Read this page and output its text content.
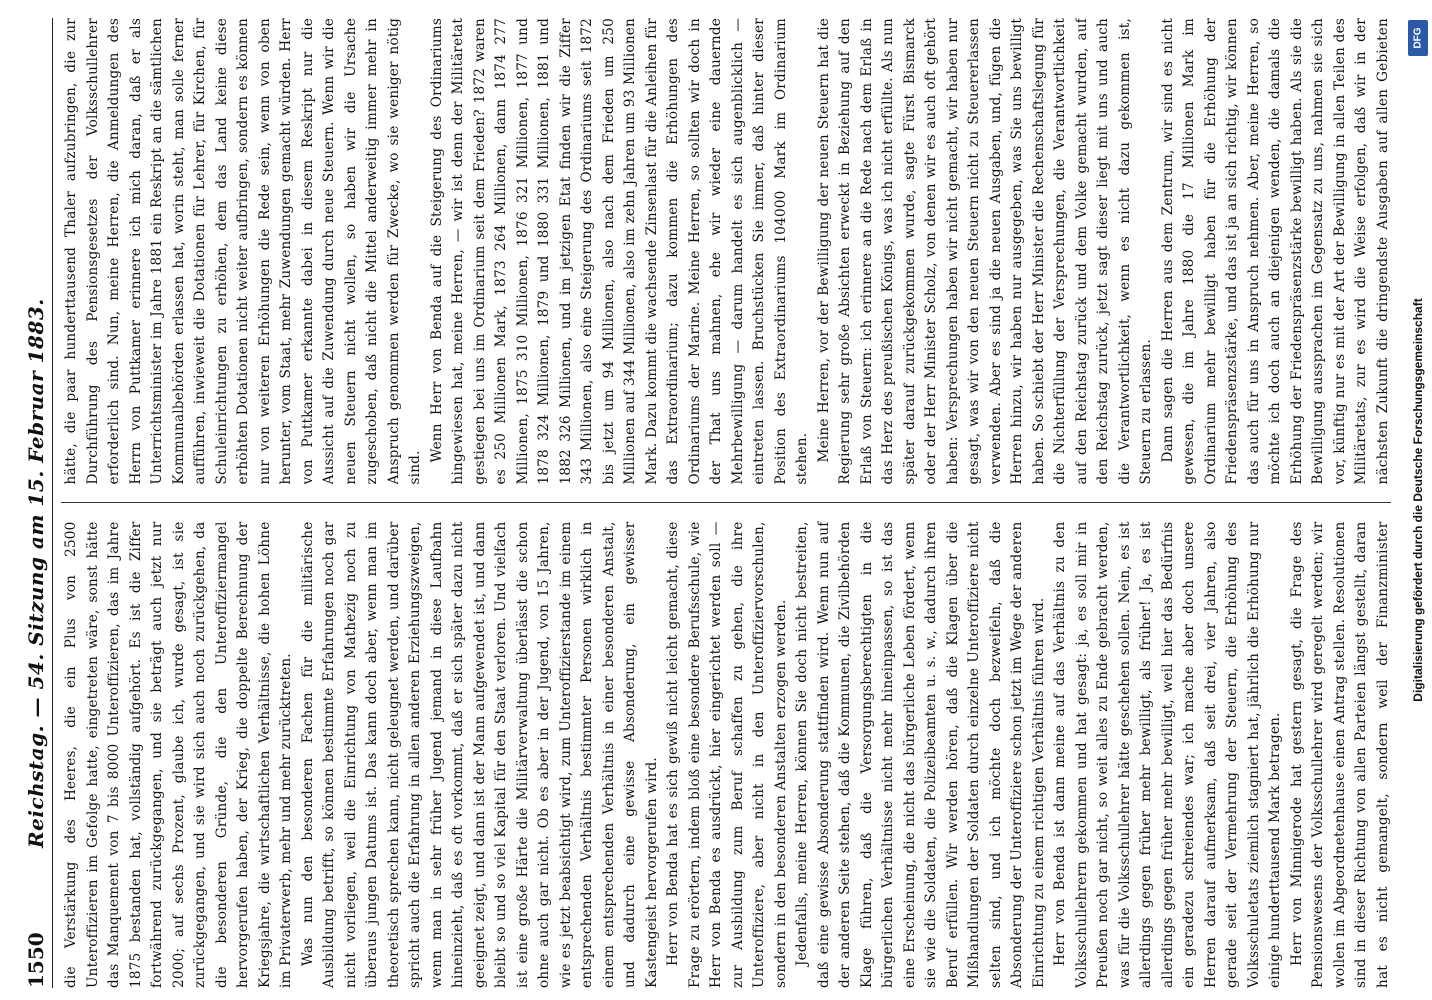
1550
Reichstag. — 54. Sitzung am 15. Februar 1883. die Verstärkung des Heeres, die ein Plus von 2500 Unteroffizieren im Gefolge hatte, eingetreten wäre, sonst hätte das Manquement von 7 bis 8000 Unteroffizieren, das im Jahre 1875 bestanden hat, vollständig aufgehört. Es ist die Ziffer fortwährend zurückgegangen, und sie beträgt auch jetzt nur 2000; auf sechs Prozent, glaube ich, wurde gesagt, ist sie zurückgegangen, und sie wird sich auch noch zurückgehen, da die besonderen Gründe, die den Unteroffiziermangel hervorgerufen haben, der Krieg, die doppelte Berechnung der Kriegsjahre, die wirtschaftlichen Verhältnisse, die hohen Löhne im Privaterwerb, mehr und mehr zurücktreten. Was nun den besonderen Fachen für die militärische Ausbildung betrifft, so können bestimmte Erfahrungen noch gar nicht vorliegen, weil die Einrichtung von Mathezig noch zu überaus jungen Datums ist. Das kann doch aber, wenn man im theoretisch sprechen kann, nicht geleugnet werden, und darüber spricht auch die Erfahrung in allen anderen Erziehungszweigen, wenn man in sehr früher Jugend jemand in diese Laufbahn hineinzieht, daß es oft vorkommt, daß er sich später dazu nicht geeignet zeigt, und dann ist der Mann aufgewendet ist, und dann bleibt so und so viel Kapital für den Staat verloren. Und vielfach ist eine große Härte die Militärverwaltung überlässt die schon ohne auch gar nicht. Ob es aber in der Jugend, von 15 Jahren, wie es jetzt beabsichtigt wird, zum Unteroffizierstande im einem entsprechenden Verhältnis bestimmter Personen wirklich in einem entsprechenden Verhältnis in einer besonderen Anstalt, und dadurch eine gewisse Absonderung, ein gewisser Kastengeist hervorgerufen wird. Herr von Benda hat es sich gewiß nicht leicht gemacht, diese Frage zu erörtern, indem bloß eine besondere Berufsschule, wie Herr von Benda es ausdrückt, hier eingerichtet werden soll — zur Ausbildung zum Beruf schaffen zu gehen, die ihre Unteroffiziere, aber nicht in den Unteroffiziervorschulen, sondern in den besonderen Anstalten erzogen werden. Jedenfalls, meine Herren, können Sie doch nicht bestreiten, daß eine gewisse Absonderung stattfinden wird. Wenn nun auf der anderen Seite stehen, daß die Kommunen, die Zivilbehörden Klage führen, daß die Versorgungsberechtigten in die bürgerlichen Verhältnisse nicht mehr hineinpassen, so ist das eine Erscheinung, die nicht das bürgerliche Leben fördert, wenn sie wie die Soldaten, die Polizeibeamten u. s. w., dadurch ihren Beruf erfüllen. Wir werden hören, daß die Klagen über die Mißhandlungen der Soldaten durch einzelne Unteroffiziere nicht selten sind, und ich möchte doch bezweifeln, daß die Absonderung der Unteroffiziere schon jetzt im Wege der anderen Einrichtung zu einem richtigen Verhältnis führen wird. Herr von Benda ist dann meine auf das Verhältnis zu den Volksschullehrern gekommen und hat gesagt: ja, es soll mir in Preußen noch gar nicht, so weit alles zu Ende gebracht werden, was für die Volksschullehrer hätte geschehen sollen. Nein, es ist allerdings gegen früher mehr bewilligt, als früher! Ja, es ist allerdings gegen früher mehr bewilligt, weil hier das Bedürfnis ein geradezu schreiendes war; ich mache aber doch unsere Herren darauf aufmerksam, daß seit drei, vier Jahren, also gerade seit der Vermehrung der Steuern, die Erhöhung des Volksschuletats ziemlich stagniert hat, jährlich die Erhöhung nur einige hunderttausend Mark betragen. Herr von Minnigerode hat gestern gesagt, die Frage des Pensionswesens der Volksschullehrer wird geregelt werden; wir wollen im Abgeordnetenhause einen Antrag stellen. Resolutionen sind in dieser Richtung von allen Parteien längst gestellt, daran hat es nicht gemangelt, sondern weil der Finanzminister

hätte, die paar hunderttausend Thaler aufzubringen, die zur Durchführung des Pensionsgesetzes der Volksschullehrer erforderlich sind. Nun, meine Herren, die Anmeldungen des Herrn von Puttkamer erinnere ich mich daran, daß er als Unterrichtsminister im Jahre 1881 ein Reskript an die sämtlichen Kommunalbehörden erlassen hat, worin steht, man solle ferner aufführen, inwieweit die Dotationen für Lehrer, für Kirchen, für Schuleinrichtungen zu erhöhen, dem das Land keine diese erhöhten Dotationen nicht weiter aufbringen, sondern es können nur von weiteren Erhöhungen die Rede sein, wenn von oben herunter, vom Staat, mehr Zuwendungen gemacht würden. Herr von Puttkamer erkannte dabei in diesem Reskript nur die Aussicht auf die Zuwendung durch neue Steuern. Wenn wir die neuen Steuern nicht wollen, so haben wir die Ursache zugeschoben, daß nicht die Mittel anderweitig immer mehr in Anspruch genommen werden für Zwecke, wo sie weniger nötig sind.

Wenn Herr von Benda auf die Steigerung des Ordinariums hingewiesen hat, meine Herren, — wir ist denn der Militäretat gestiegen bei uns im Ordinarium seit dem Frieden? 1872 waren es 250 Millionen Mark, 1873 264 Millionen, dann 1874 277 Millionen, 1875 310 Millionen, 1876 321 Millionen, 1877 und 1878 324 Millionen, 1879 und 1880 331 Millionen, 1881 und 1882 326 Millionen, und im jetzigen Etat finden wir die Ziffer 343 Millionen, also eine Steigerung des Ordinariums seit 1872 bis jetzt um 94 Millionen, also nach dem Frieden um 250 Millionen auf 344 Millionen, also im zehn Jahren um 93 Millionen Mark. Dazu kommt die wachsende Zinsenlast für die Anleihen für das Extraordinarium; dazu kommen die Erhöhungen des Ordinariums der Marine. Meine Herren, so sollten wir doch in der That uns mahnen, ehe wir wieder eine dauernde Mehrbewilligung — darum handelt es sich augenblicklich — eintreten lassen. Bruchstücken Sie immer, daß hinter dieser Position des Extraordinariums 104000 Mark im Ordinarium stehen. Meine Herren, vor der Bewilligung der neuen Steuern hat die Regierung sehr große Absichten erweckt in Beziehung auf den Erlaß von Steuern: ich erinnere an die Rede nach dem Erlaß in das Herz des preußischen Königs, was ich nicht erfüllte. Als nun später darauf zurückgekommen wurde, sagte Fürst Bismarck oder der Herr Minister Scholz, von denen wir es auch oft gehört haben: Versprechungen haben wir nicht gemacht, wir haben nur gesagt, was wir von den neuen Steuern nicht zu Steuererlassen verwenden. Aber es sind ja die neuen Ausgaben, und, fügen die Herren hinzu, wir haben nur ausgegeben, was Sie uns bewilligt haben. So schiebt der Herr Minister die Rechenschaftslegung für die Nichterfüllung der Versprechungen, die Verantwortlichkeit auf den Reichstag zurück und dem Volke gemacht wurden, auf den Reichstag zurück, jetzt sagt dieser liegt mit uns und auch die Verantwortlichkeit, wenn es nicht dazu gekommen ist, Steuern zu erlassen. Dann sagen die Herren aus dem Zentrum, wir sind es nicht gewesen, die im Jahre 1880 die 17 Millionen Mark im Ordinarium mehr bewilligt haben für die Erhöhung der Friedenspräsenzstärke, und das ist ja an sich richtig, wir können das auch für uns in Anspruch nehmen. Aber, meine Herren, so möchte ich doch auch an diejenigen wenden, die damals die Erhöhung der Friedenspräsenzstärke bewilligt haben. Als sie die Bewilligung aussprachen im Gegensatz zu uns, nahmen sie sich vor, künftig nur es mit der Art der Bewilligung in allen Teilen des Militäretats, zur es wird die Weise erfolgen, daß wir in der nächsten Zukunft die dringendste Ausgaben auf allen Gebieten	DFG
Digitalisierung gefördert durch die Deutsche Forschungsgemeinschaft
